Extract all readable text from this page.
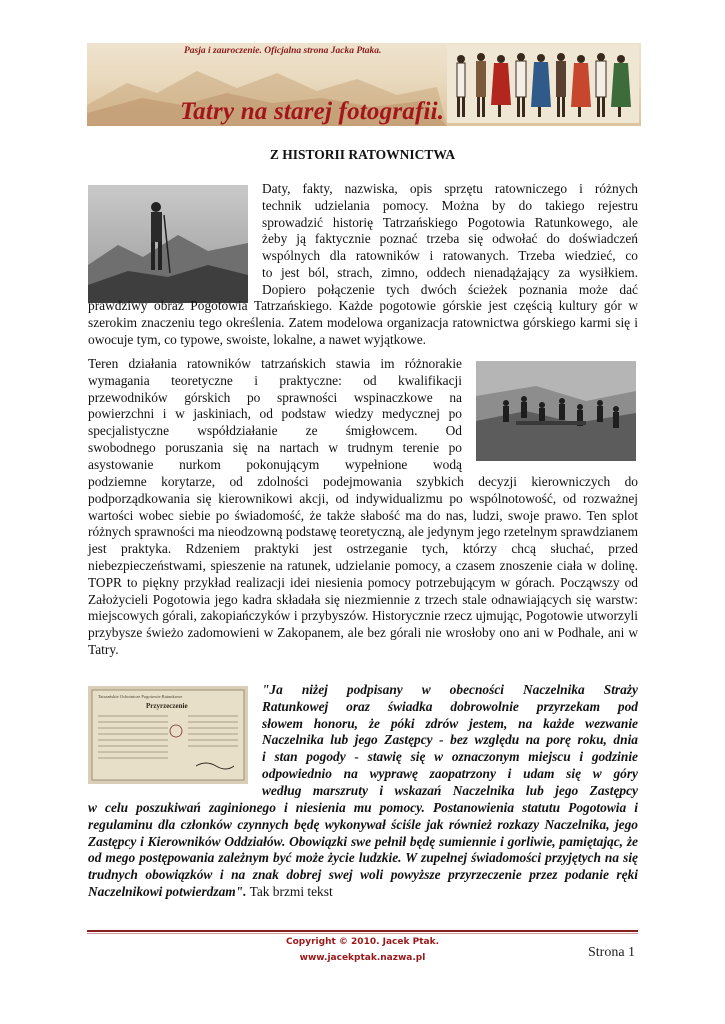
Pasja i zauroczenie. Oficjalna strona Jacka Ptaka.
Tatry na starej fotografii.
Z HISTORII RATOWNICTWA
Daty, fakty, nazwiska, opis sprzętu ratowniczego i różnych
technik udzielania pomocy. Można by do takiego rejestru
sprowadzić historię Tatrzańskiego Pogotowia Ratunkowego, ale
żeby ją faktycznie poznać trzeba się odwołać do doświadczeń
wspólnych dla ratowników i ratowanych. Trzeba wiedzieć, co
to jest ból, strach, zimno, oddech nienadążający za wysiłkiem.
Dopiero połączenie tych dwóch ścieżek poznania może dać
prawdziwy obraz Pogotowia Tatrzańskiego. Każde pogotowie górskie jest częścią kultury gór w szerokim znaczeniu tego określenia. Zatem modelowa organizacja ratownictwa górskiego karmi się i owocuje tym, co typowe, swoiste, lokalne, a nawet wyjątkowe.
Teren działania ratowników tatrzańskich stawia im różnorakie
wymagania teoretyczne i praktyczne: od kwalifikacji
przewodników górskich po sprawności wspinaczkowe na
powierzchni i w jaskiniach, od podstaw wiedzy medycznej po
specjalistyczne współdziałanie ze śmigłowcem. Od
swobodnego poruszania się na nartach w trudnym terenie po
asystowanie nurkom pokonującym wypełnione wodą
podziemne korytarze, od zdolności podejmowania szybkich decyzji kierowniczych do podporządkowania się kierownikowi akcji, od indywidualizmu po wspólnotowość, od rozważnej wartości wobec siebie po świadomość, że także słabość ma do nas, ludzi, swoje prawo. Ten splot różnych sprawności ma nieodzowną podstawę teoretyczną, ale jedynym jego rzetelnym sprawdzianem jest praktyka. Rdzeniem praktyki jest ostrzeganie tych, którzy chcą słuchać, przed niebezpieczeństwami, spieszenie na ratunek, udzielanie pomocy, a czasem znoszenie ciała w dolinę. TOPR to piękny przykład realizacji idei niesienia pomocy potrzebującym w górach. Począwszy od Założycieli Pogotowia jego kadra składała się niezmiennie z trzech stale odnawiających się warstw: miejscowych górali, zakopiańczyków i przybyszów. Historycznie rzecz ujmując, Pogotowie utworzyli przybysze świeżo zadomowieni w Zakopanem, ale bez górali nie wrosłoby ono ani w Podhale, ani w Tatry.
Tatrzańskie Ochotnicze Pogotowie Ratunkowe
Przyrzeczenie
"Ja niżej podpisany w obecności Naczelnika Straży
Ratunkowej oraz świadka dobrowolnie przyrzekam pod
słowem honoru, że póki zdrów jestem, na każde wezwanie
Naczelnika lub jego Zastępcy - bez względu na porę roku, dnia
i stan pogody - stawię się w oznaczonym miejscu i godzinie
odpowiednio na wyprawę zaopatrzony i udam się w góry
według marszruty i wskazań Naczelnika lub jego Zastępcy
w celu poszukiwań zaginionego i niesienia mu pomocy. Postanowienia statutu Pogotowia i regulaminu dla członków czynnych będę wykonywał ściśle jak również rozkazy Naczelnika, jego Zastępcy i Kierowników Oddziałów. Obowiązki swe pełnił będę sumiennie i gorliwie, pamiętając, że od mego postępowania zależnym być może życie ludzkie. W zupełnej świadomości przyjętych na się trudnych obowiązków i na znak dobrej swej woli powyższe przyrzeczenie przez podanie ręki Naczelnikowi potwierdzam". Tak brzmi tekst
Copyright © 2010. Jacek Ptak.
www.jacekptak.nazwa.pl	Strona 1
